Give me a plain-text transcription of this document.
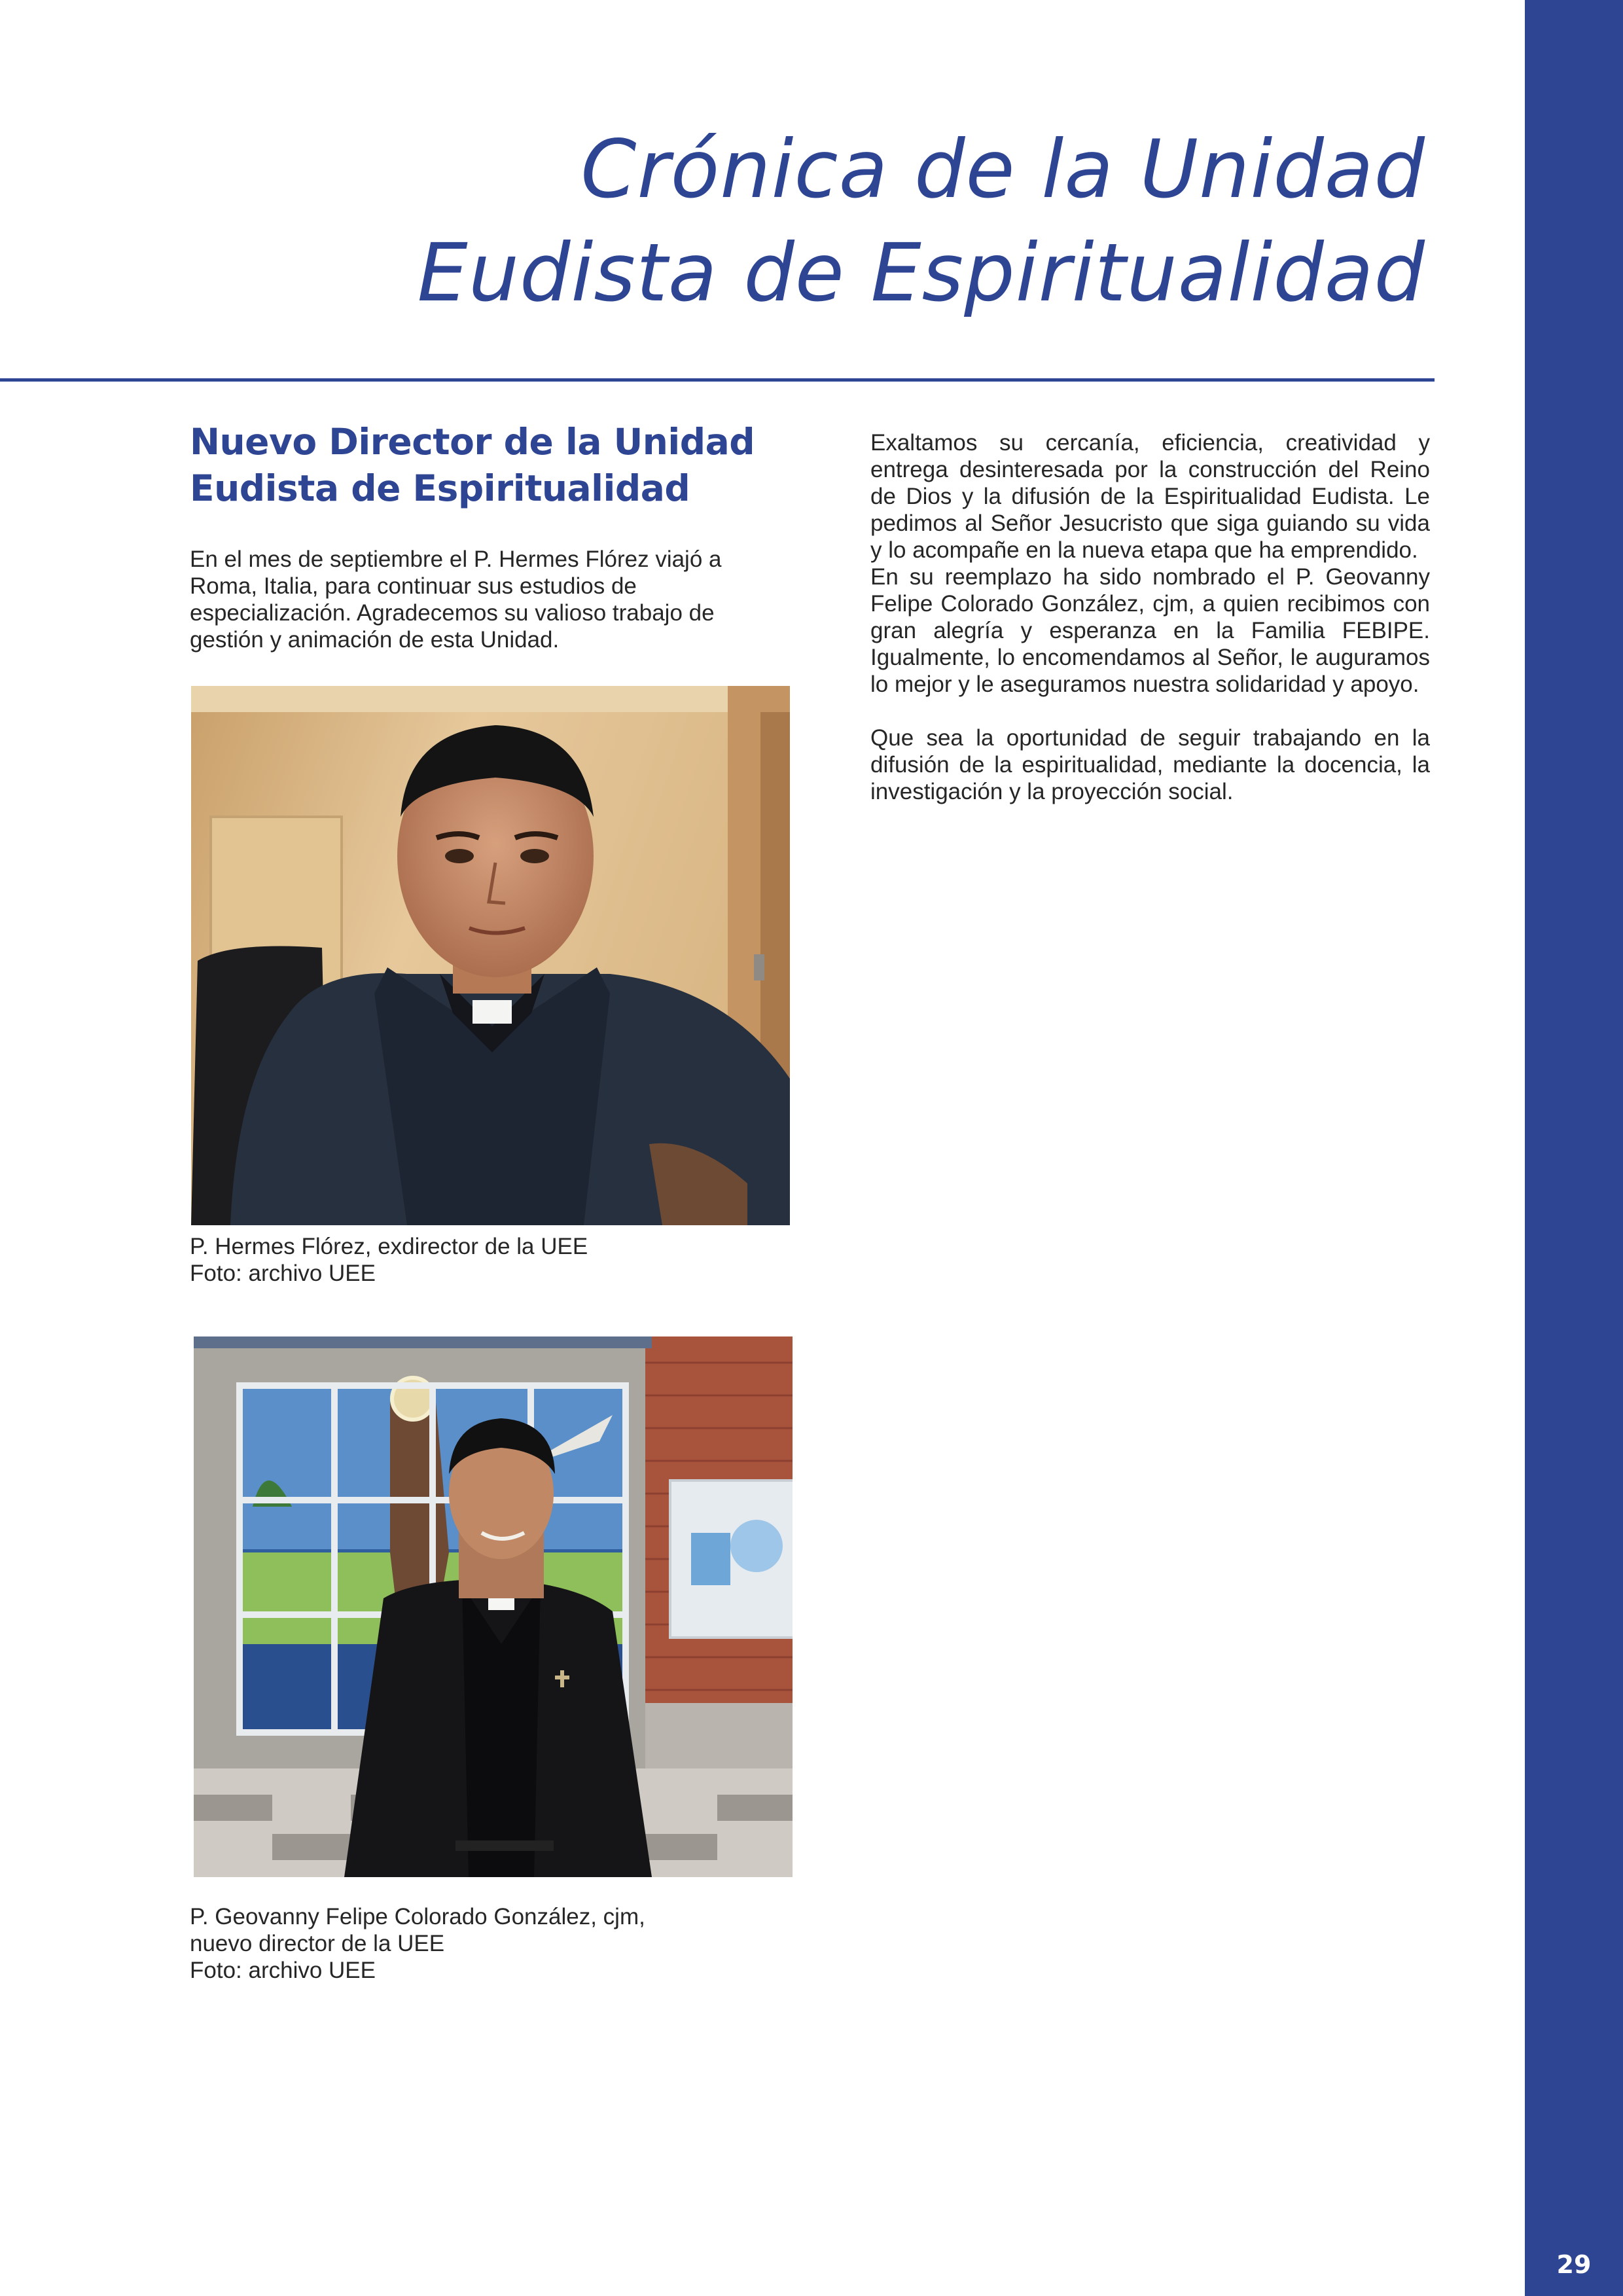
29
Crónica de la Unidad
Eudista de Espiritualidad
Nuevo Director de la Unidad
Eudista de Espiritualidad

En el mes de septiembre el P. Hermes Flórez viajó a Roma, Italia, para continuar sus estudios de especialización. Agradecemos su valioso trabajo de gestión y animación de esta Unidad.

P. Hermes Flórez, exdirector de la UEE
Foto: archivo UEE
P. Geovanny Felipe Colorado González, cjm,
nuevo director de la UEE
Foto: archivo UEE

Exaltamos su cercanía, eficiencia, creatividad y entrega desinteresada por la construcción del Reino de Dios y la difusión de la Espiritualidad Eudista. Le pedimos al Señor Jesucristo que siga guiando su vida y lo acompañe en la nueva etapa que ha emprendido.

En su reemplazo ha sido nombrado el P. Geovanny Felipe Colorado González, cjm, a quien recibimos con gran alegría y esperanza en la Familia FEBIPE. Igualmente, lo encomendamos al Señor, le auguramos lo mejor y le aseguramos nuestra solidaridad y apoyo.

Que sea la oportunidad de seguir trabajando en la difusión de la espiritualidad, mediante la docencia, la investigación y la proyección social.
